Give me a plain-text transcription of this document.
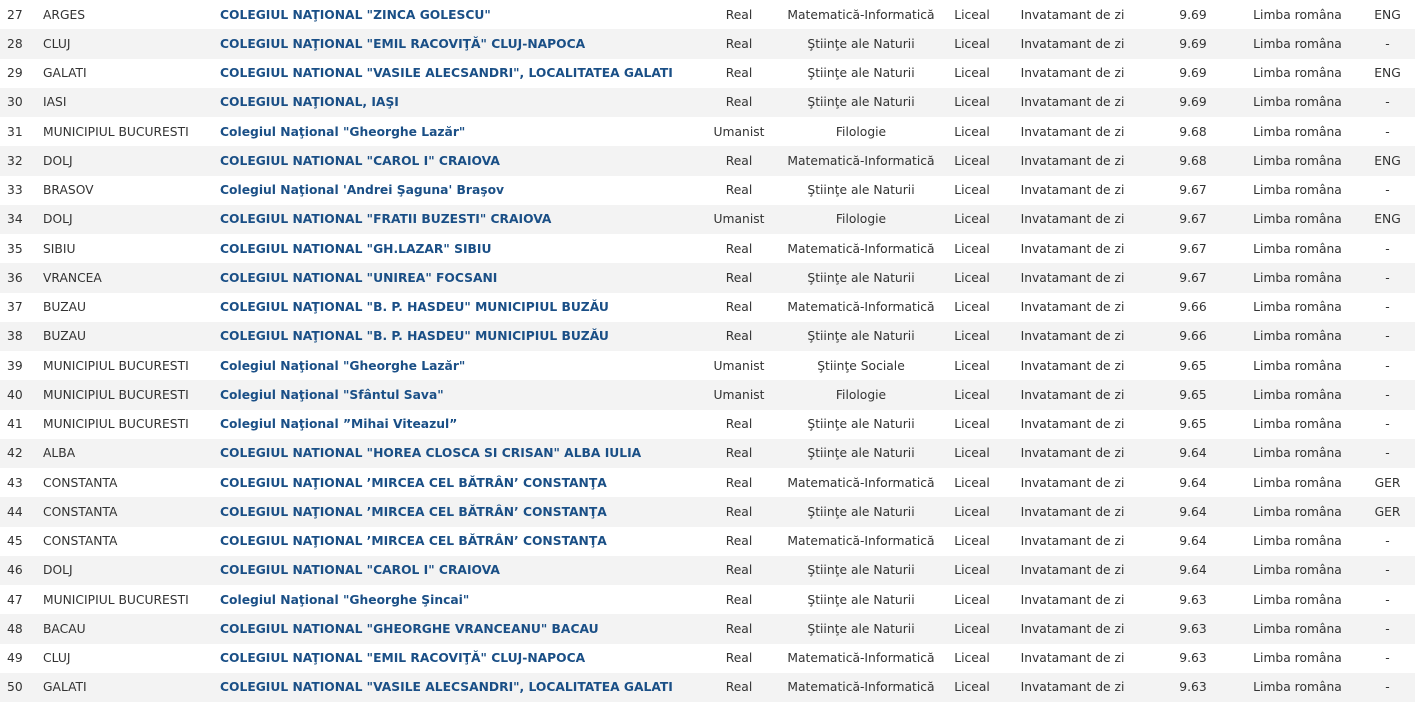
27	ARGES	COLEGIUL NAŢIONAL "ZINCA GOLESCU"	Real	Matematică-Informatică	Liceal	Invatamant de zi	9.69	Limba româna	ENG
28	CLUJ	COLEGIUL NAŢIONAL "EMIL RACOVIŢĂ" CLUJ-NAPOCA	Real	Ştiinţe ale Naturii	Liceal	Invatamant de zi	9.69	Limba româna	-
29	GALATI	COLEGIUL NATIONAL "VASILE ALECSANDRI", LOCALITATEA GALATI	Real	Ştiinţe ale Naturii	Liceal	Invatamant de zi	9.69	Limba româna	ENG
30	IASI	COLEGIUL NAŢIONAL, IAŞI	Real	Ştiinţe ale Naturii	Liceal	Invatamant de zi	9.69	Limba româna	-
31	MUNICIPIUL BUCURESTI	Colegiul Naţional "Gheorghe Lazăr"	Umanist	Filologie	Liceal	Invatamant de zi	9.68	Limba româna	-
32	DOLJ	COLEGIUL NATIONAL "CAROL I" CRAIOVA	Real	Matematică-Informatică	Liceal	Invatamant de zi	9.68	Limba româna	ENG
33	BRASOV	Colegiul Naţional 'Andrei Şaguna' Braşov	Real	Ştiinţe ale Naturii	Liceal	Invatamant de zi	9.67	Limba româna	-
34	DOLJ	COLEGIUL NATIONAL "FRATII BUZESTI" CRAIOVA	Umanist	Filologie	Liceal	Invatamant de zi	9.67	Limba româna	ENG
35	SIBIU	COLEGIUL NATIONAL "GH.LAZAR" SIBIU	Real	Matematică-Informatică	Liceal	Invatamant de zi	9.67	Limba româna	-
36	VRANCEA	COLEGIUL NATIONAL "UNIREA" FOCSANI	Real	Ştiinţe ale Naturii	Liceal	Invatamant de zi	9.67	Limba româna	-
37	BUZAU	COLEGIUL NAŢIONAL "B. P. HASDEU" MUNICIPIUL BUZĂU	Real	Matematică-Informatică	Liceal	Invatamant de zi	9.66	Limba româna	-
38	BUZAU	COLEGIUL NAŢIONAL "B. P. HASDEU" MUNICIPIUL BUZĂU	Real	Ştiinţe ale Naturii	Liceal	Invatamant de zi	9.66	Limba româna	-
39	MUNICIPIUL BUCURESTI	Colegiul Naţional "Gheorghe Lazăr"	Umanist	Ştiinţe Sociale	Liceal	Invatamant de zi	9.65	Limba româna	-
40	MUNICIPIUL BUCURESTI	Colegiul Naţional "Sfântul Sava"	Umanist	Filologie	Liceal	Invatamant de zi	9.65	Limba româna	-
41	MUNICIPIUL BUCURESTI	Colegiul Naţional ”Mihai Viteazul”	Real	Ştiinţe ale Naturii	Liceal	Invatamant de zi	9.65	Limba româna	-
42	ALBA	COLEGIUL NATIONAL "HOREA CLOSCA SI CRISAN" ALBA IULIA	Real	Ştiinţe ale Naturii	Liceal	Invatamant de zi	9.64	Limba româna	-
43	CONSTANTA	COLEGIUL NAŢIONAL ’MIRCEA CEL BĂTRÂN’ CONSTANŢA	Real	Matematică-Informatică	Liceal	Invatamant de zi	9.64	Limba româna	GER
44	CONSTANTA	COLEGIUL NAŢIONAL ’MIRCEA CEL BĂTRÂN’ CONSTANŢA	Real	Ştiinţe ale Naturii	Liceal	Invatamant de zi	9.64	Limba româna	GER
45	CONSTANTA	COLEGIUL NAŢIONAL ’MIRCEA CEL BĂTRÂN’ CONSTANŢA	Real	Matematică-Informatică	Liceal	Invatamant de zi	9.64	Limba româna	-
46	DOLJ	COLEGIUL NATIONAL "CAROL I" CRAIOVA	Real	Ştiinţe ale Naturii	Liceal	Invatamant de zi	9.64	Limba româna	-
47	MUNICIPIUL BUCURESTI	Colegiul Naţional "Gheorghe Şincai"	Real	Ştiinţe ale Naturii	Liceal	Invatamant de zi	9.63	Limba româna	-
48	BACAU	COLEGIUL NATIONAL "GHEORGHE VRANCEANU" BACAU	Real	Ştiinţe ale Naturii	Liceal	Invatamant de zi	9.63	Limba româna	-
49	CLUJ	COLEGIUL NAŢIONAL "EMIL RACOVIŢĂ" CLUJ-NAPOCA	Real	Matematică-Informatică	Liceal	Invatamant de zi	9.63	Limba româna	-
50	GALATI	COLEGIUL NATIONAL "VASILE ALECSANDRI", LOCALITATEA GALATI	Real	Matematică-Informatică	Liceal	Invatamant de zi	9.63	Limba româna	-
